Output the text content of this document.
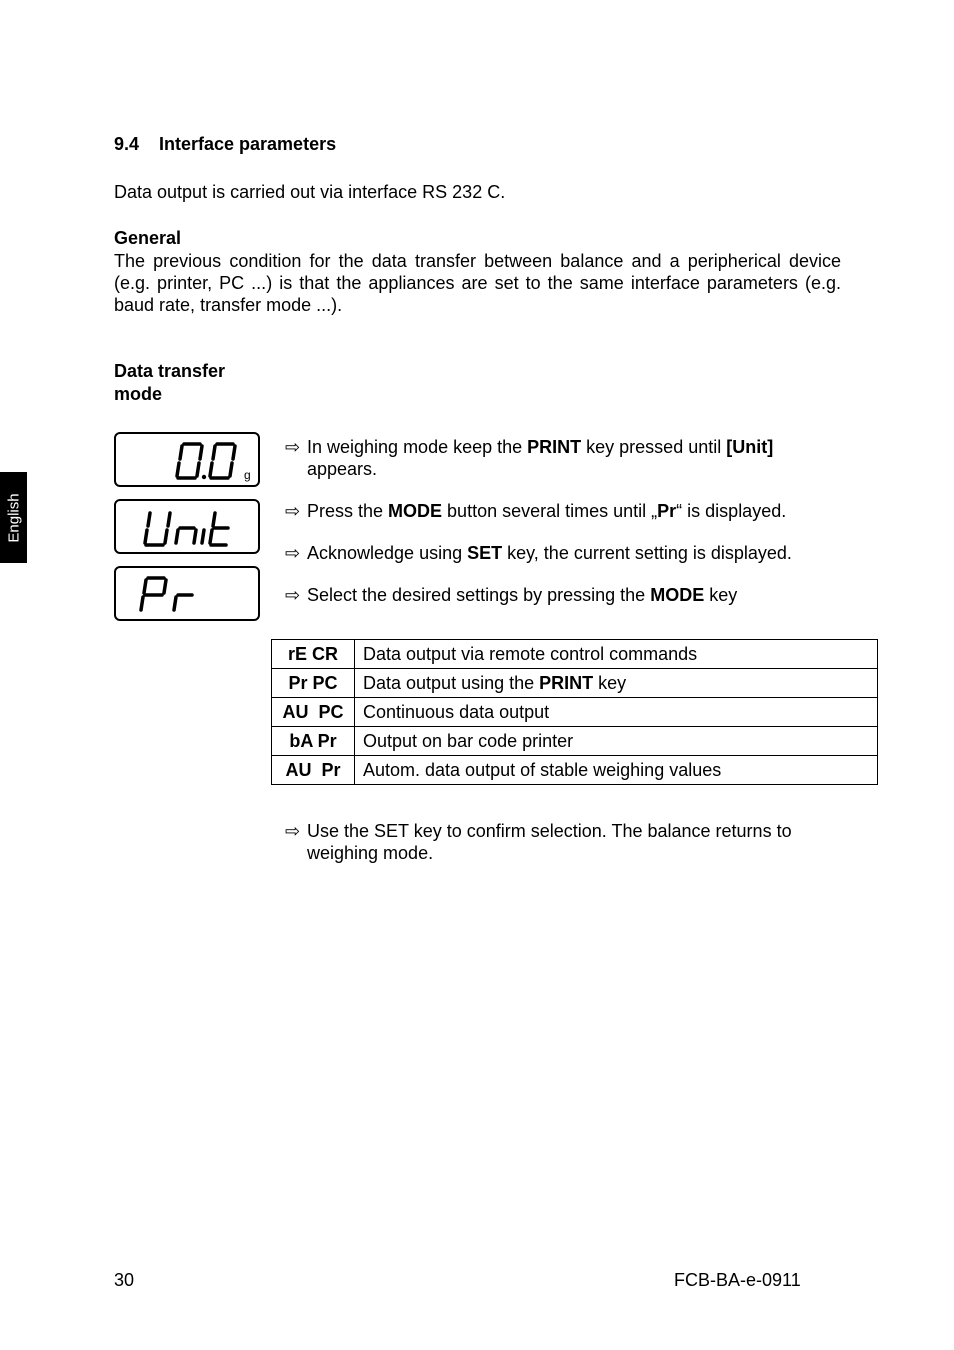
9.4 Interface parameters
Data output is carried out via interface RS 232 C.
General
The previous condition for the data transfer between balance and a peripherical device (e.g. printer, PC ...) is that the appliances are set to the same interface parameters (e.g. baud rate, transfer mode ...).
Data transfer
mode
English
g
⇨ In weighing mode keep the PRINT key pressed until [Unit] appears.
⇨ Press the MODE button several times until „Pr“ is displayed.
⇨ Acknowledge using SET key, the current setting is displayed.
⇨ Select the desired settings by pressing the MODE key
rE CR	Data output via remote control commands
Pr PC	Data output using the PRINT key
AU  PC	Continuous data output
bA Pr	Output on bar code printer
AU  Pr	Autom. data output of stable weighing values
⇨ Use the SET key to confirm selection. The balance returns to weighing mode.
30	FCB-BA-e-0911
